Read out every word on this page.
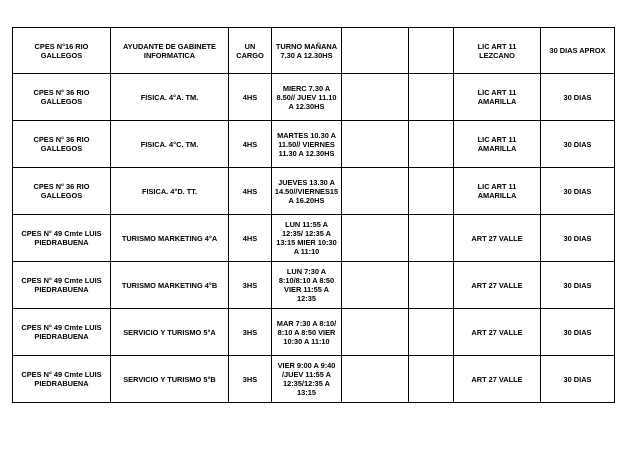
CPES N°16 RIO
GALLEGOS	AYUDANTE DE GABINETE
INFORMATICA	UN CARGO	TURNO MAÑANA
7.30 A 12.30HS			LIC ART 11
LEZCANO	30 DIAS APROX
CPES N° 36 RIO
GALLEGOS	FISICA. 4°A. TM.	4HS	MIERC 7.30 A
8.50// JUEV 11.10
A 12.30HS			LIC ART 11
AMARILLA	30 DIAS
CPES N° 36 RIO
GALLEGOS	FISICA. 4°C. TM.	4HS	MARTES 10.30 A
11.50// VIERNES
11.30 A 12.30HS			LIC ART 11
AMARILLA	30 DIAS
CPES N° 36 RIO
GALLEGOS	FISICA. 4°D. TT.	4HS	JUEVES 13.30 A
14.50//VIERNES15
A 16.20HS			LIC ART 11
AMARILLA	30 DIAS
CPES N° 49 Cmte LUIS
PIEDRABUENA	TURISMO MARKETING 4°A	4HS	LUN 11:55 A
12:35/ 12:35 A
13:15 MIER 10:30
A 11:10			ART 27 VALLE	30 DIAS
CPES N° 49 Cmte LUIS
PIEDRABUENA	TURISMO MARKETING 4°B	3HS	LUN 7:30 A
8:10/8:10 A 8:50
VIER 11:55 A
12:35			ART 27 VALLE	30 DIAS
CPES N° 49 Cmte LUIS
PIEDRABUENA	SERVICIO Y TURISMO 5°A	3HS	MAR 7:30 A 8:10/
8:10 A 8:50 VIER
10:30 A 11:10			ART 27 VALLE	30 DIAS
CPES N° 49 Cmte LUIS
PIEDRABUENA	SERVICIO Y TURISMO 5°B	3HS	VIER 9:00 A 9:40
/JUEV 11:55 A
12:35/12:35 A
13:15			ART 27 VALLE	30 DIAS
